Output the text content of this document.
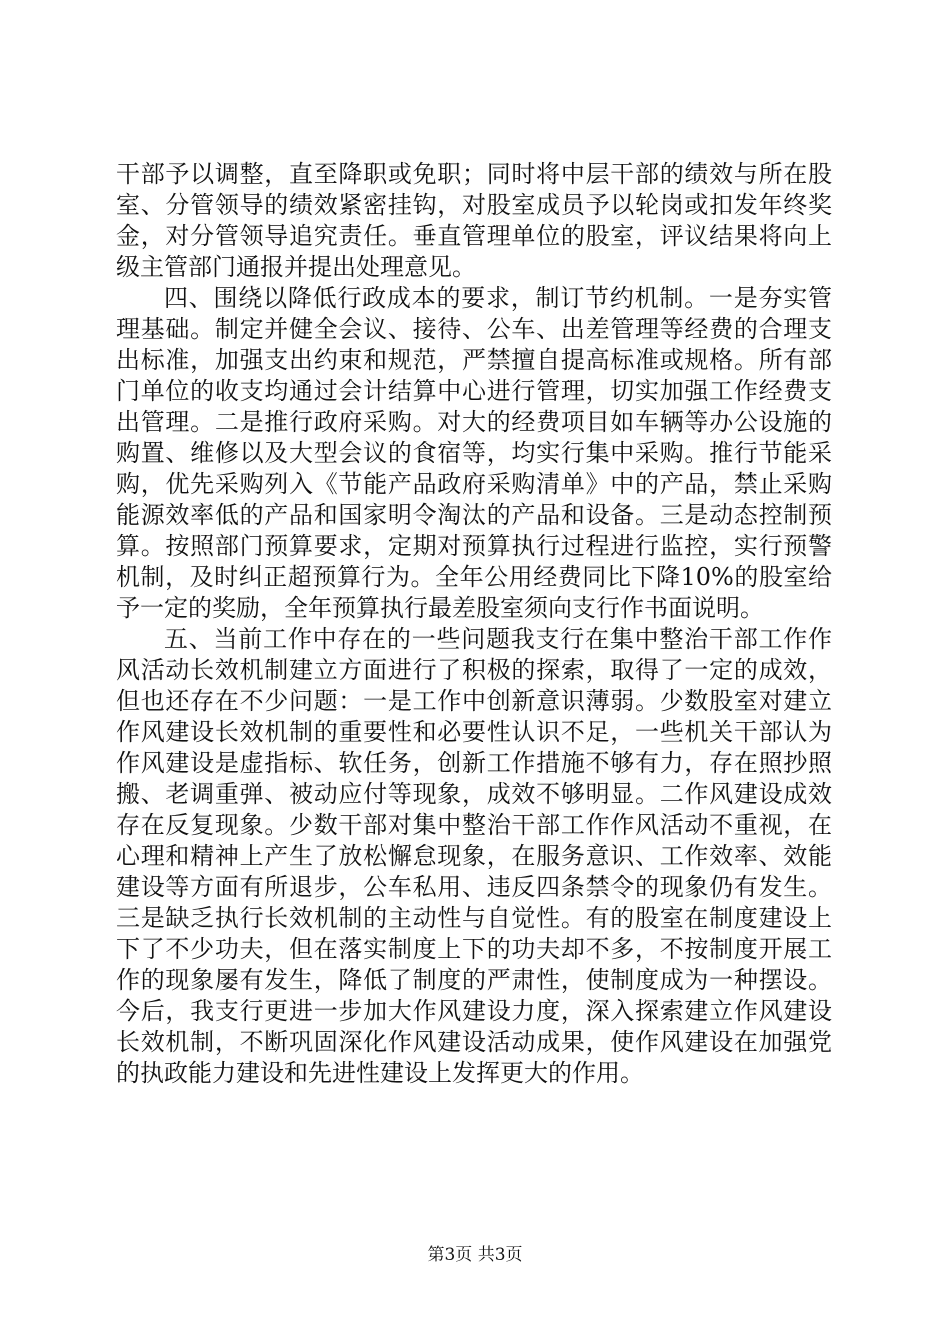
干部予以调整，直至降职或免职；同时将中层干部的绩效与所在股室、分管领导的绩效紧密挂钩，对股室成员予以轮岗或扣发年终奖金，对分管领导追究责任。垂直管理单位的股室，评议结果将向上级主管部门通报并提出处理意见。

四、围绕以降低行政成本的要求，制订节约机制。一是夯实管理基础。制定并健全会议、接待、公车、出差管理等经费的合理支出标准，加强支出约束和规范，严禁擅自提高标准或规格。所有部门单位的收支均通过会计结算中心进行管理，切实加强工作经费支出管理。二是推行政府采购。对大的经费项目如车辆等办公设施的购置、维修以及大型会议的食宿等，均实行集中采购。推行节能采购，优先采购列入《节能产品政府采购清单》中的产品，禁止采购能源效率低的产品和国家明令淘汰的产品和设备。三是动态控制预算。按照部门预算要求，定期对预算执行过程进行监控，实行预警机制，及时纠正超预算行为。全年公用经费同比下降10%的股室给予一定的奖励，全年预算执行最差股室须向支行作书面说明。

五、当前工作中存在的一些问题我支行在集中整治干部工作作风活动长效机制建立方面进行了积极的探索，取得了一定的成效，但也还存在不少问题：一是工作中创新意识薄弱。少数股室对建立作风建设长效机制的重要性和必要性认识不足，一些机关干部认为作风建设是虚指标、软任务，创新工作措施不够有力，存在照抄照搬、老调重弹、被动应付等现象，成效不够明显。二作风建设成效存在反复现象。少数干部对集中整治干部工作作风活动不重视，在心理和精神上产生了放松懈怠现象，在服务意识、工作效率、效能建设等方面有所退步，公车私用、违反四条禁令的现象仍有发生。三是缺乏执行长效机制的主动性与自觉性。有的股室在制度建设上下了不少功夫，但在落实制度上下的功夫却不多，不按制度开展工作的现象屡有发生，降低了制度的严肃性，使制度成为一种摆设。今后，我支行更进一步加大作风建设力度，深入探索建立作风建设长效机制，不断巩固深化作风建设活动成果，使作风建设在加强党的执政能力建设和先进性建设上发挥更大的作用。

第3页 共3页
